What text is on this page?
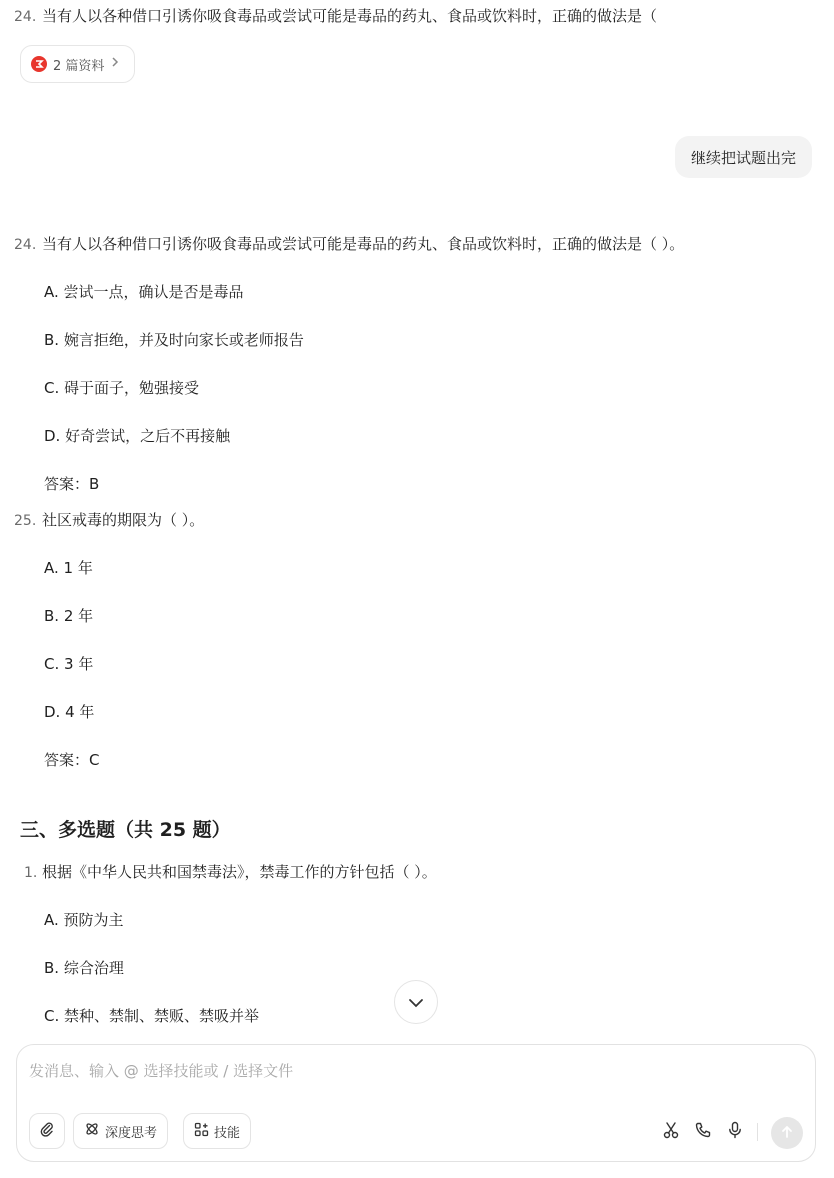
24. 当有人以各种借口引诱你吸食毒品或尝试可能是毒品的药丸、食品或饮料时，正确的做法是（
2 篇资料
继续把试题出完
24. 当有人以各种借口引诱你吸食毒品或尝试可能是毒品的药丸、食品或饮料时，正确的做法是（ ）。
A. 尝试一点，确认是否是毒品
B. 婉言拒绝，并及时向家长或老师报告
C. 碍于面子，勉强接受
D. 好奇尝试，之后不再接触
答案：B
25. 社区戒毒的期限为（ ）。
A. 1 年
B. 2 年
C. 3 年
D. 4 年
答案：C
三、多选题（共 25 题）
1. 根据《中华人民共和国禁毒法》，禁毒工作的方针包括（ ）。
A. 预防为主
B. 综合治理
C. 禁种、禁制、禁贩、禁吸并举
发消息、输入 @ 选择技能或 / 选择文件
深度思考	技能
